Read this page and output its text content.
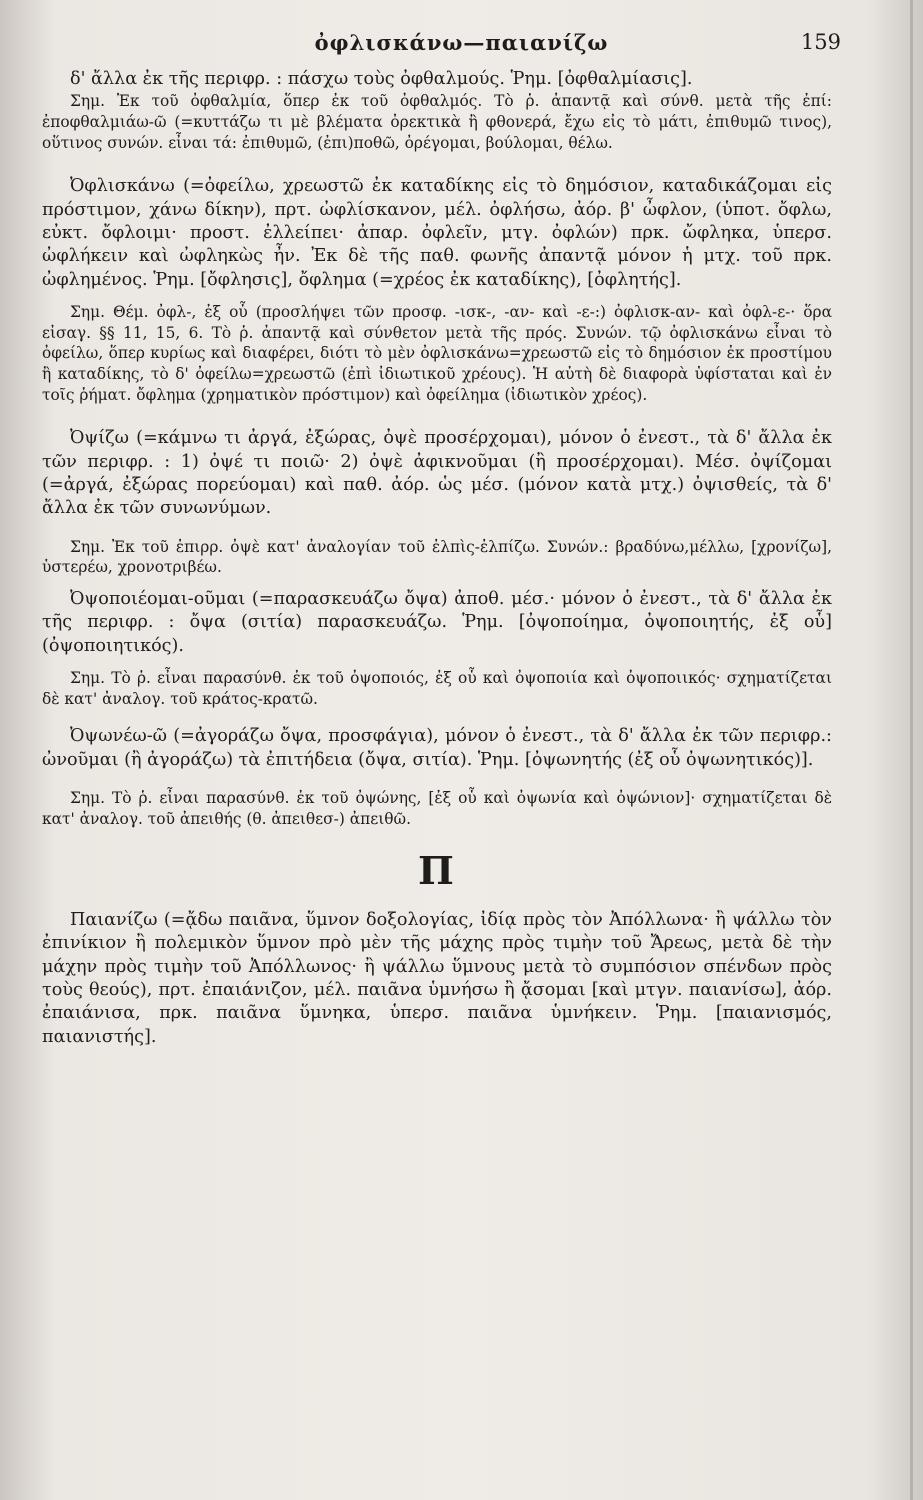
ὀφλισκάνω—παιανίζω	159

δ' ἄλλα ἐκ τῆς περιφρ. : πάσχω τοὺς ὀφθαλμούς. Ῥημ. [ὀφθαλμίασις].

Σημ. Ἐκ τοῦ ὀφθαλμία, ὅπερ ἐκ τοῦ ὀφθαλμός. Τὸ ῥ. ἀπαντᾷ καὶ σύνθ. μετὰ τῆς ἐπί: ἐποφθαλμιάω-ῶ (=κυττάζω τι μὲ βλέματα ὀρεκτικὰ ἢ φθονερά, ἔχω εἰς τὸ μάτι, ἐπιθυμῶ τινος), οὕτινος συνών. εἶναι τά: ἐπιθυμῶ, (ἐπι)ποθῶ, ὀρέγομαι, βούλομαι, θέλω.

Ὀφλισκάνω (=ὀφείλω, χρεωστῶ ἐκ καταδίκης εἰς τὸ δημόσιον, καταδικάζομαι εἰς πρόστιμον, χάνω δίκην), πρτ. ὠφλίσκανον, μέλ. ὀφλήσω, ἀόρ. β' ὦφλον, (ὑποτ. ὄφλω, εὐκτ. ὄφλοιμι· προστ. ἐλλείπει· ἀπαρ. ὀφλεῖν, μτγ. ὀφλών) πρκ. ὤφληκα, ὑπερσ. ὠφλήκειν καὶ ὠφληκὼς ἦν. Ἐκ δὲ τῆς παθ. φωνῆς ἀπαντᾷ μόνον ἡ μτχ. τοῦ πρκ. ὠφλημένος. Ῥημ. [ὄφλησις], ὄφλημα (=χρέος ἐκ καταδίκης), [ὀφλητής].

Σημ. Θέμ. ὀφλ-, ἐξ οὗ (προσλήψει τῶν προσφ. -ισκ-, -αν- καὶ -ε-:) ὀφλισκ-αν- καὶ ὀφλ-ε-· ὅρα εἰσαγ. §§ 11, 15, 6. Τὸ ῥ. ἀπαντᾷ καὶ σύνθετον μετὰ τῆς πρός. Συνών. τῷ ὀφλισκάνω εἶναι τὸ ὀφείλω, ὅπερ κυρίως καὶ διαφέρει, διότι τὸ μὲν ὀφλισκάνω=χρεωστῶ εἰς τὸ δημόσιον ἐκ προστίμου ἢ καταδίκης, τὸ δ' ὀφείλω=χρεωστῶ (ἐπὶ ἰδιωτικοῦ χρέους). Ἡ αὐτὴ δὲ διαφορὰ ὑφίσταται καὶ ἐν τοῖς ῥήματ. ὄφλημα (χρηματικὸν πρόστιμον) καὶ ὀφείλημα (ἰδιωτικὸν χρέος).

Ὀψίζω (=κάμνω τι ἀργά, ἐξώρας, ὀψὲ προσέρχομαι), μόνον ὁ ἐνεστ., τὰ δ' ἄλλα ἐκ τῶν περιφρ. : 1) ὀψέ τι ποιῶ· 2) ὀψὲ ἀφικνοῦμαι (ἢ προσέρχομαι). Μέσ. ὀψίζομαι (=ἀργά, ἐξώρας πορεύομαι) καὶ παθ. ἀόρ. ὡς μέσ. (μόνον κατὰ μτχ.) ὀψισθείς, τὰ δ' ἄλλα ἐκ τῶν συνωνύμων.

Σημ. Ἐκ τοῦ ἐπιρρ. ὀψὲ κατ' ἀναλογίαν τοῦ ἐλπὶς-ἐλπίζω. Συνών.: βραδύνω,μέλλω, [χρονίζω], ὑστερέω, χρονοτριβέω.

Ὀψοποιέομαι-οῦμαι (=παρασκευάζω ὄψα) ἀποθ. μέσ.· μόνον ὁ ἐνεστ., τὰ δ' ἄλλα ἐκ τῆς περιφρ. : ὄψα (σιτία) παρασκευάζω. Ῥημ. [ὀψοποίημα, ὀψοποιητής, ἐξ οὗ] (ὀψοποιητικός).

Σημ. Τὸ ῥ. εἶναι παρασύνθ. ἐκ τοῦ ὀψοποιός, ἐξ οὗ καὶ ὀψοποιία καὶ ὀψοποιικός· σχηματίζεται δὲ κατ' ἀναλογ. τοῦ κράτος-κρατῶ.

Ὀψωνέω-ῶ (=ἀγοράζω ὄψα, προσφάγια), μόνον ὁ ἐνεστ., τὰ δ' ἄλλα ἐκ τῶν περιφρ.: ὠνοῦμαι (ἢ ἀγοράζω) τὰ ἐπιτήδεια (ὄψα, σιτία). Ῥημ. [ὀψωνητής (ἐξ οὗ ὀψωνητικός)].

Σημ. Τὸ ῥ. εἶναι παρασύνθ. ἐκ τοῦ ὀψώνης, [ἐξ οὗ καὶ ὀψωνία καὶ ὀψώνιον]· σχηματίζεται δὲ κατ' ἀναλογ. τοῦ ἀπειθής (θ. ἀπειθεσ-) ἀπειθῶ.

Π

Παιανίζω (=ᾄδω παιᾶνα, ὕμνον δοξολογίας, ἰδίᾳ πρὸς τὸν Ἀπόλλωνα· ἢ ψάλλω τὸν ἐπινίκιον ἢ πολεμικὸν ὕμνον πρὸ μὲν τῆς μάχης πρὸς τιμὴν τοῦ Ἄρεως, μετὰ δὲ τὴν μάχην πρὸς τιμὴν τοῦ Ἀπόλλωνος· ἢ ψάλλω ὕμνους μετὰ τὸ συμπόσιον σπένδων πρὸς τοὺς θεούς), πρτ. ἐπαιάνιζον, μέλ. παιᾶνα ὑμνήσω ἢ ᾄσομαι [καὶ μτγν. παιανίσω], ἀόρ. ἐπαιάνισα, πρκ. παιᾶνα ὕμνηκα, ὑπερσ. παιᾶνα ὑμνήκειν. Ῥημ. [παιανισμός, παιανιστής].
